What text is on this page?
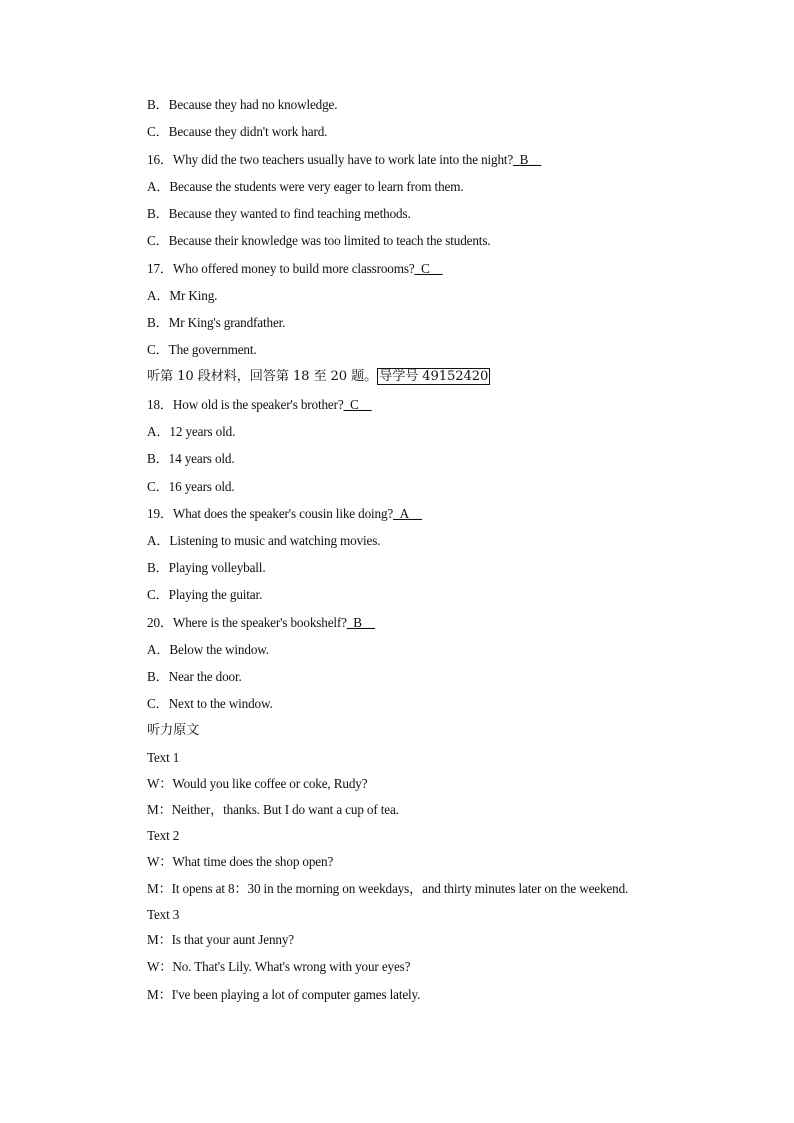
B．Because they had no knowledge.
C．Because they didn't work hard.
16．Why did the two teachers usually have to work late into the night?_B__
A．Because the students were very eager to learn from them.
B．Because they wanted to find teaching methods.
C．Because their knowledge was too limited to teach the students.
17．Who offered money to build more classrooms?_C__
A．Mr King.
B．Mr King's grandfather.
C．The government.
听第 10 段材料，回答第 18 至 20 题。 导学号 49152420
18．How old is the speaker's brother?_C__
A．12 years old.
B．14 years old.
C．16 years old.
19．What does the speaker's cousin like doing?_A__
A．Listening to music and watching movies.
B．Playing volleyball.
C．Playing the guitar.
20．Where is the speaker's bookshelf?_B__
A．Below the window.
B．Near the door.
C．Next to the window.
听力原文
Text 1
W：Would you like coffee or coke, Rudy?
M：Neither，thanks. But I do want a cup of tea.
Text 2
W：What time does the shop open?
M：It opens at 8：30 in the morning on weekdays，and thirty minutes later on the weekend.
Text 3
M：Is that your aunt Jenny?
W：No. That's Lily. What's wrong with your eyes?
M：I've been playing a lot of computer games lately.
